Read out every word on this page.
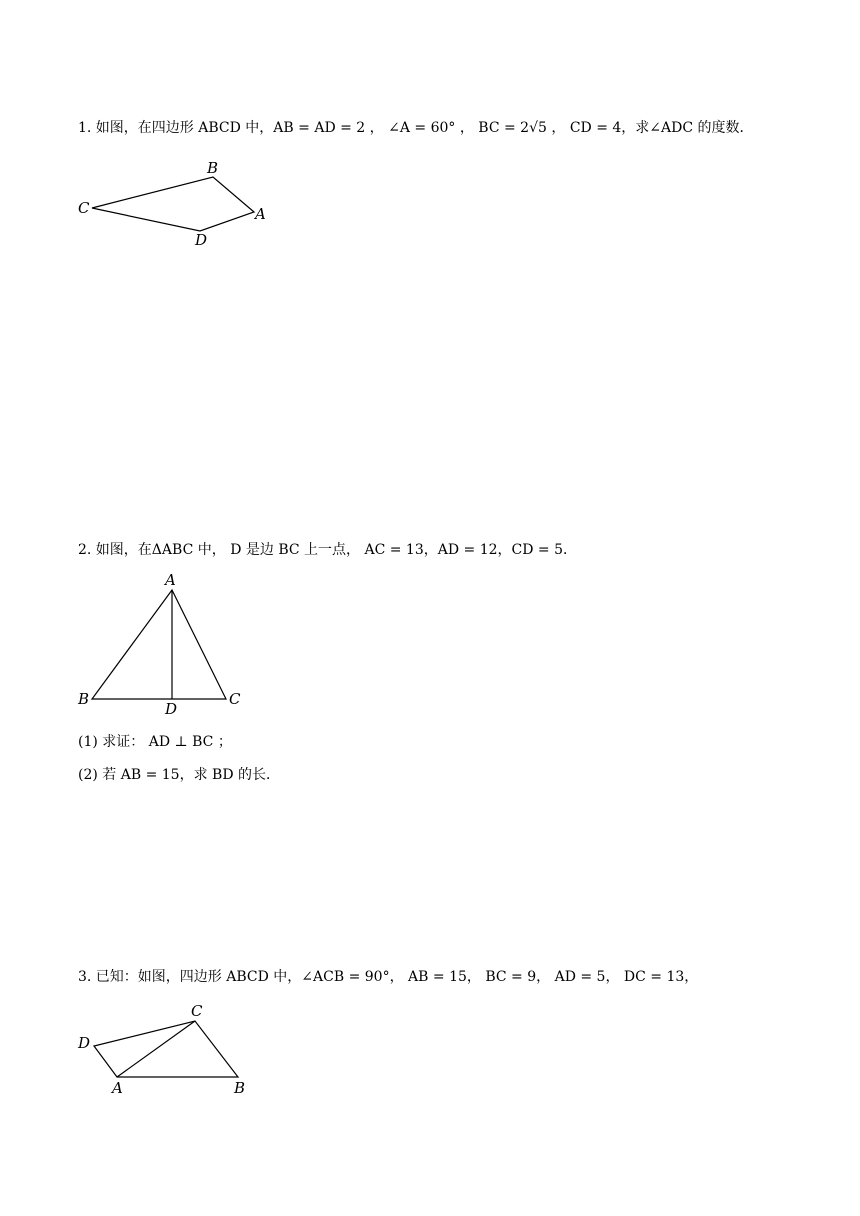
1. 如图，在四边形 ABCD 中，AB = AD = 2 ， ∠A = 60° ， BC = 2√5 ， CD = 4，求∠ADC 的度数．
B
C	A
D
2. 如图，在ΔABC 中， D 是边 BC 上一点， AC = 13，AD = 12，CD = 5．
A
B	C
D
(1) 求证： AD ⊥ BC ；
(2) 若 AB = 15，求 BD 的长．
3. 已知：如图，四边形 ABCD 中，∠ACB = 90°， AB = 15， BC = 9， AD = 5， DC = 13，
C
D
A	B
